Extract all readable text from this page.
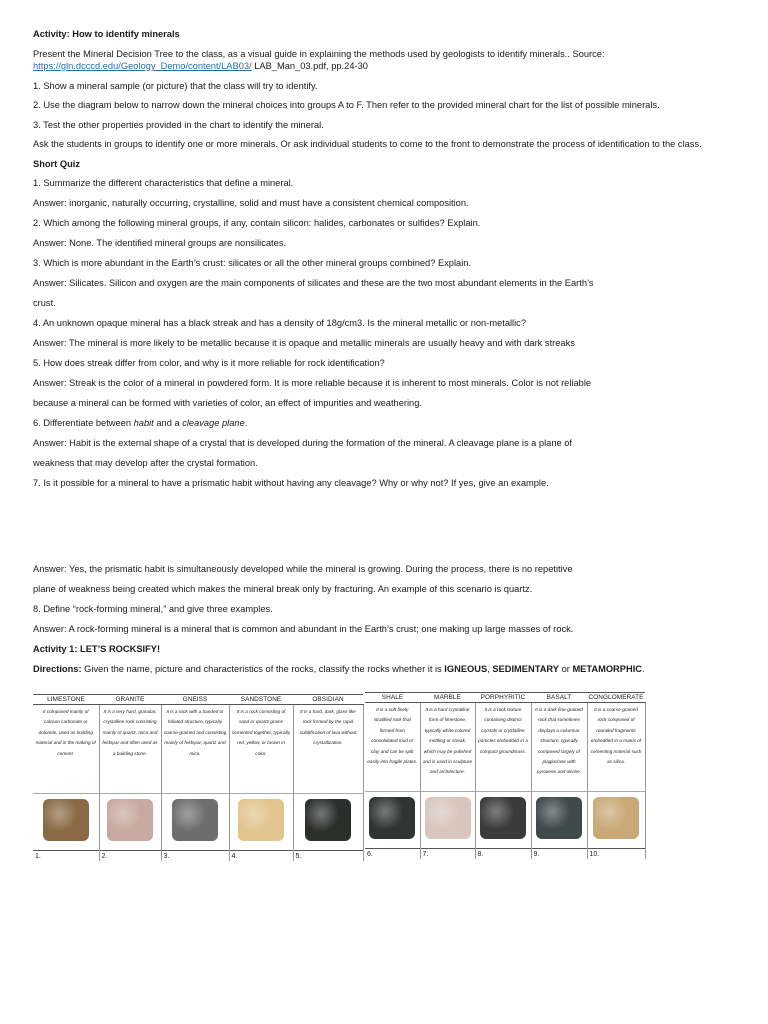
Activity: How to identify minerals

Present the Mineral Decision Tree to the class, as a visual guide in explaining the methods used by geologists to identify minerals.. Source: https://gln.dcccd.edu/Geology_Demo/content/LAB03/ LAB_Man_03.pdf, pp.24-30

1. Show a mineral sample (or picture) that the class will try to identify.

2. Use the diagram below to narrow down the mineral choices into groups A to F. Then refer to the provided mineral chart for the list of possible minerals.

3. Test the other properties provided in the chart to identify the mineral.

Ask the students in groups to identify one or more minerals. Or ask individual students to come to the front to demonstrate the process of identification to the class.

Short Quiz

1. Summarize the different characteristics that define a mineral.

Answer: inorganic, naturally occurring, crystalline, solid and must have a consistent chemical composition.

2. Which among the following mineral groups, if any, contain silicon: halides, carbonates or sulfides? Explain.

Answer: None. The identified mineral groups are nonsilicates.

3. Which is more abundant in the Earth’s crust: silicates or all the other mineral groups combined? Explain.

Answer: Silicates. Silicon and oxygen are the main components of silicates and these are the two most abundant elements in the Earth’s

crust.

4. An unknown opaque mineral has a black streak and has a density of 18g/cm3. Is the mineral metallic or non-metallic?

Answer: The mineral is more likely to be metallic because it is opaque and metallic minerals are usually heavy and with dark streaks

5. How does streak differ from color, and why is it more reliable for rock identification?

Answer: Streak is the color of a mineral in powdered form. It is more reliable because it is inherent to most minerals. Color is not reliable

because a mineral can be formed with varieties of color, an effect of impurities and weathering.

6. Differentiate between habit and a cleavage plane.

Answer: Habit is the external shape of a crystal that is developed during the formation of the mineral. A cleavage plane is a plane of

weakness that may develop after the crystal formation.

7. Is it possible for a mineral to have a prismatic habit without having any cleavage? Why or why not? If yes, give an example.

Answer: Yes, the prismatic habit is simultaneously developed while the mineral is growing. During the process, there is no repetitive

plane of weakness being created which makes the mineral break only by fracturing. An example of this scenario is quartz.

8. Define “rock-forming mineral,” and give three examples.

Answer: A rock-forming mineral is a mineral that is common and abundant in the Earth’s crust; one making up large masses of rock.

Activity 1: LET’S ROCKSIFY!

Directions: Given the name, picture and characteristics of the rocks, classify the rocks whether it is IGNEOUS, SEDIMENTARY or METAMORPHIC.

LIMESTONE	GRANITE	GNEISS	SANDSTONE	OBSIDIAN
It composed mainly of calcium carbonate or dolomite, used as building material and in the making of cement.	It is a very hard, granular, crystalline rock consisting mainly of quartz, mica and feldspar and often used as a building stone.	It is a rock with a banded or foliated structure, typically coarse-grained and consisting mainly of feldspar, quartz and mica.	It is a rock consisting of sand or quartz grains cemented together, typically red, yellow, or brown in color.	It is a hard, dark, glass-like rock formed by the rapid solidification of lava without crystallization.

1.	2.	3.	4.	5.
SHALE	MARBLE	PORPHYRITIC	BASALT	CONGLOMERATE
It is a soft finely stratified rock that formed from consolidated mud or clay and can be split easily into fragile plates.	It is a hard crystalline form of limestone, typically white colored mottling or streak, which may be polished and is used in sculpture and architecture.	It is a rock texture containing distinct crystals or crystalline particles embedded in a compact groundmass.	It is a dark fine-grained rock that sometimes displays a columnar structure, typically composed largely of plagioclase with pyroxene and olivine.	It is a coarse-grained rock composed of rounded fragments embedded in a matrix of cementing material such as silica.

6.	7.	8.	9.	10.
